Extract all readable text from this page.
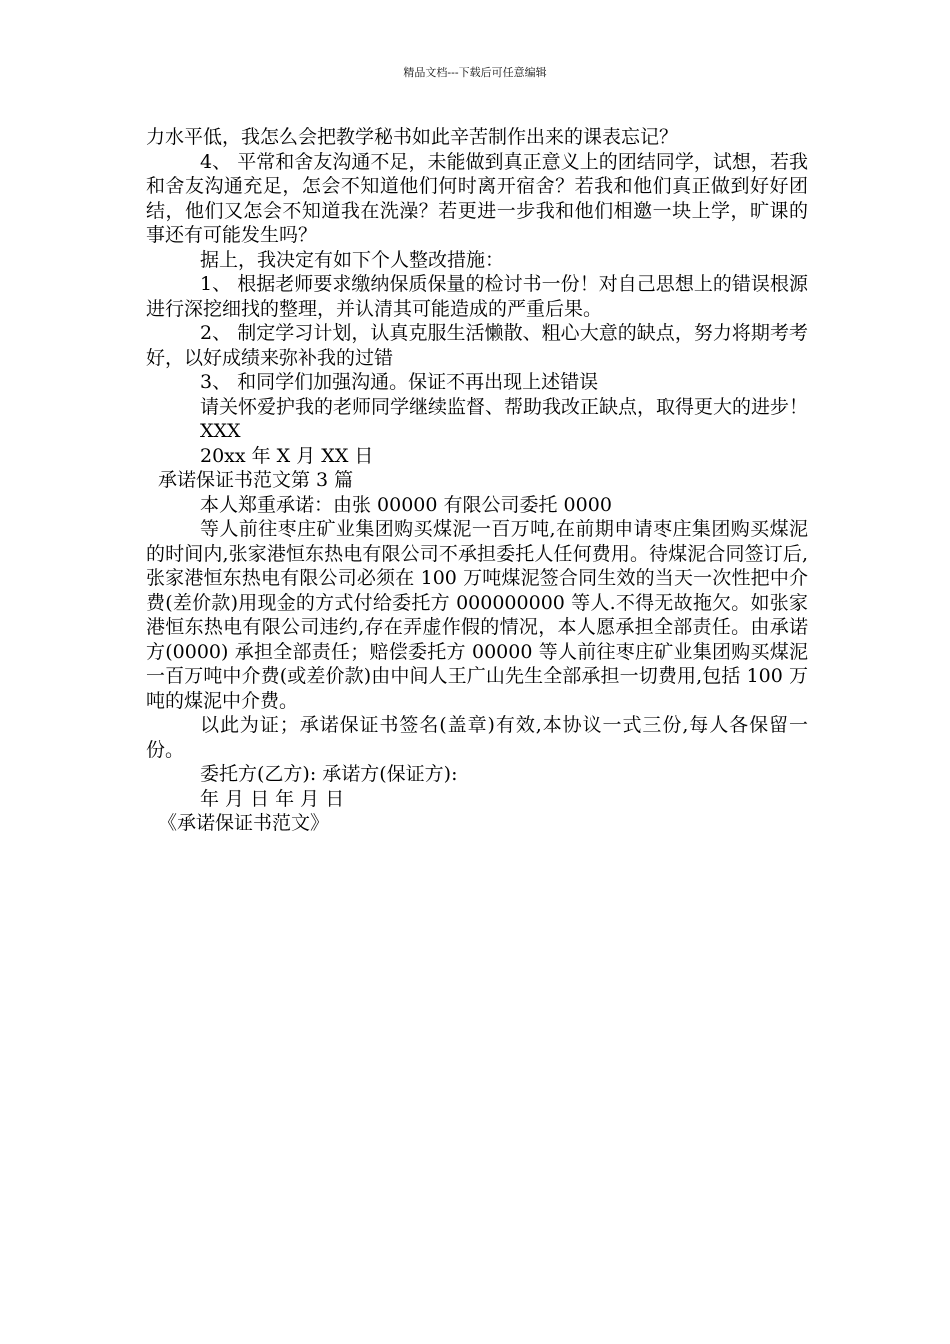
精品文档---下载后可任意编辑

力水平低，我怎么会把教学秘书如此辛苦制作出来的课表忘记？

4、 平常和舍友沟通不足，未能做到真正意义上的团结同学，试想，若我和舍友沟通充足，怎会不知道他们何时离开宿舍？若我和他们真正做到好好团结，他们又怎会不知道我在洗澡？若更进一步我和他们相邀一块上学，旷课的事还有可能发生吗？

据上，我决定有如下个人整改措施：

1、 根据老师要求缴纳保质保量的检讨书一份！对自己思想上的错误根源进行深挖细找的整理，并认清其可能造成的严重后果。

2、 制定学习计划，认真克服生活懒散、粗心大意的缺点，努力将期考考好，以好成绩来弥补我的过错

3、 和同学们加强沟通。保证不再出现上述错误

请关怀爱护我的老师同学继续监督、帮助我改正缺点，取得更大的进步！

XXX

20xx 年 X 月 XX 日

承诺保证书范文第 3 篇

本人郑重承诺：由张 00000 有限公司委托 0000

等人前往枣庄矿业集团购买煤泥一百万吨,在前期申请枣庄集团购买煤泥的时间内,张家港恒东热电有限公司不承担委托人任何费用。待煤泥合同签订后, 张家港恒东热电有限公司必须在 100 万吨煤泥签合同生效的当天一次性把中介费(差价款)用现金的方式付给委托方 000000000 等人.不得无故拖欠。如张家港恒东热电有限公司违约,存在弄虚作假的情况，本人愿承担全部责任。由承诺方(0000) 承担全部责任；赔偿委托方 00000 等人前往枣庄矿业集团购买煤泥一百万吨中介费(或差价款)由中间人王广山先生全部承担一切费用,包括 100 万吨的煤泥中介费。

以此为证；承诺保证书签名(盖章)有效,本协议一式三份,每人各保留一份。

委托方(乙方): 承诺方(保证方):

年 月 日 年 月 日

《承诺保证书范文》
